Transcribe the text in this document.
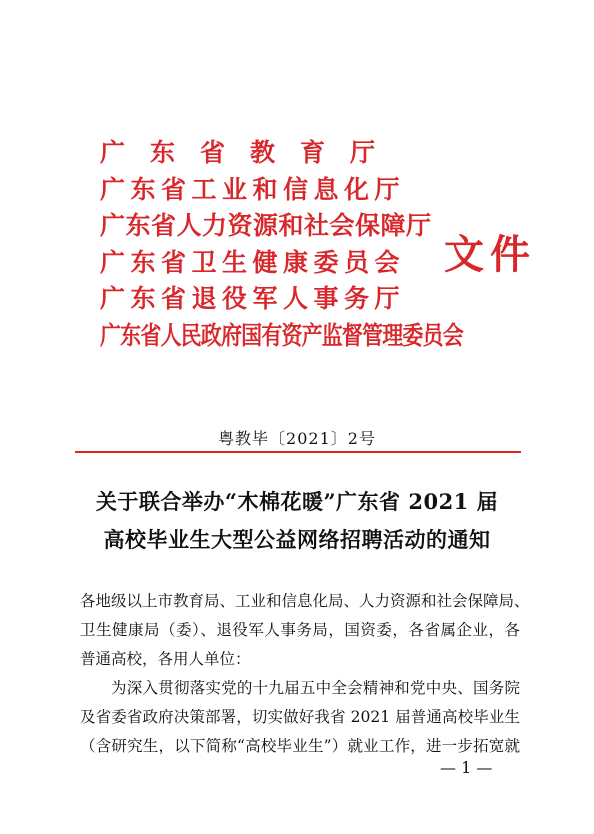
广东省教育厅
广东省工业和信息化厅
广东省人力资源和社会保障厅
广东省卫生健康委员会
广东省退役军人事务厅
广东省人民政府国有资产监督管理委员会
文件
粤教毕〔2021〕2号
关于联合举办“木棉花暖”广东省 2021 届
高校毕业生大型公益网络招聘活动的通知
各地级以上市教育局、工业和信息化局、人力资源和社会保障局、
卫生健康局（委）、退役军人事务局，国资委，各省属企业，各
普通高校，各用人单位：
为深入贯彻落实党的十九届五中全会精神和党中央、国务院
及省委省政府决策部署，切实做好我省 2021 届普通高校毕业生
（含研究生，以下简称“高校毕业生”）就业工作，进一步拓宽就
— 1 —
